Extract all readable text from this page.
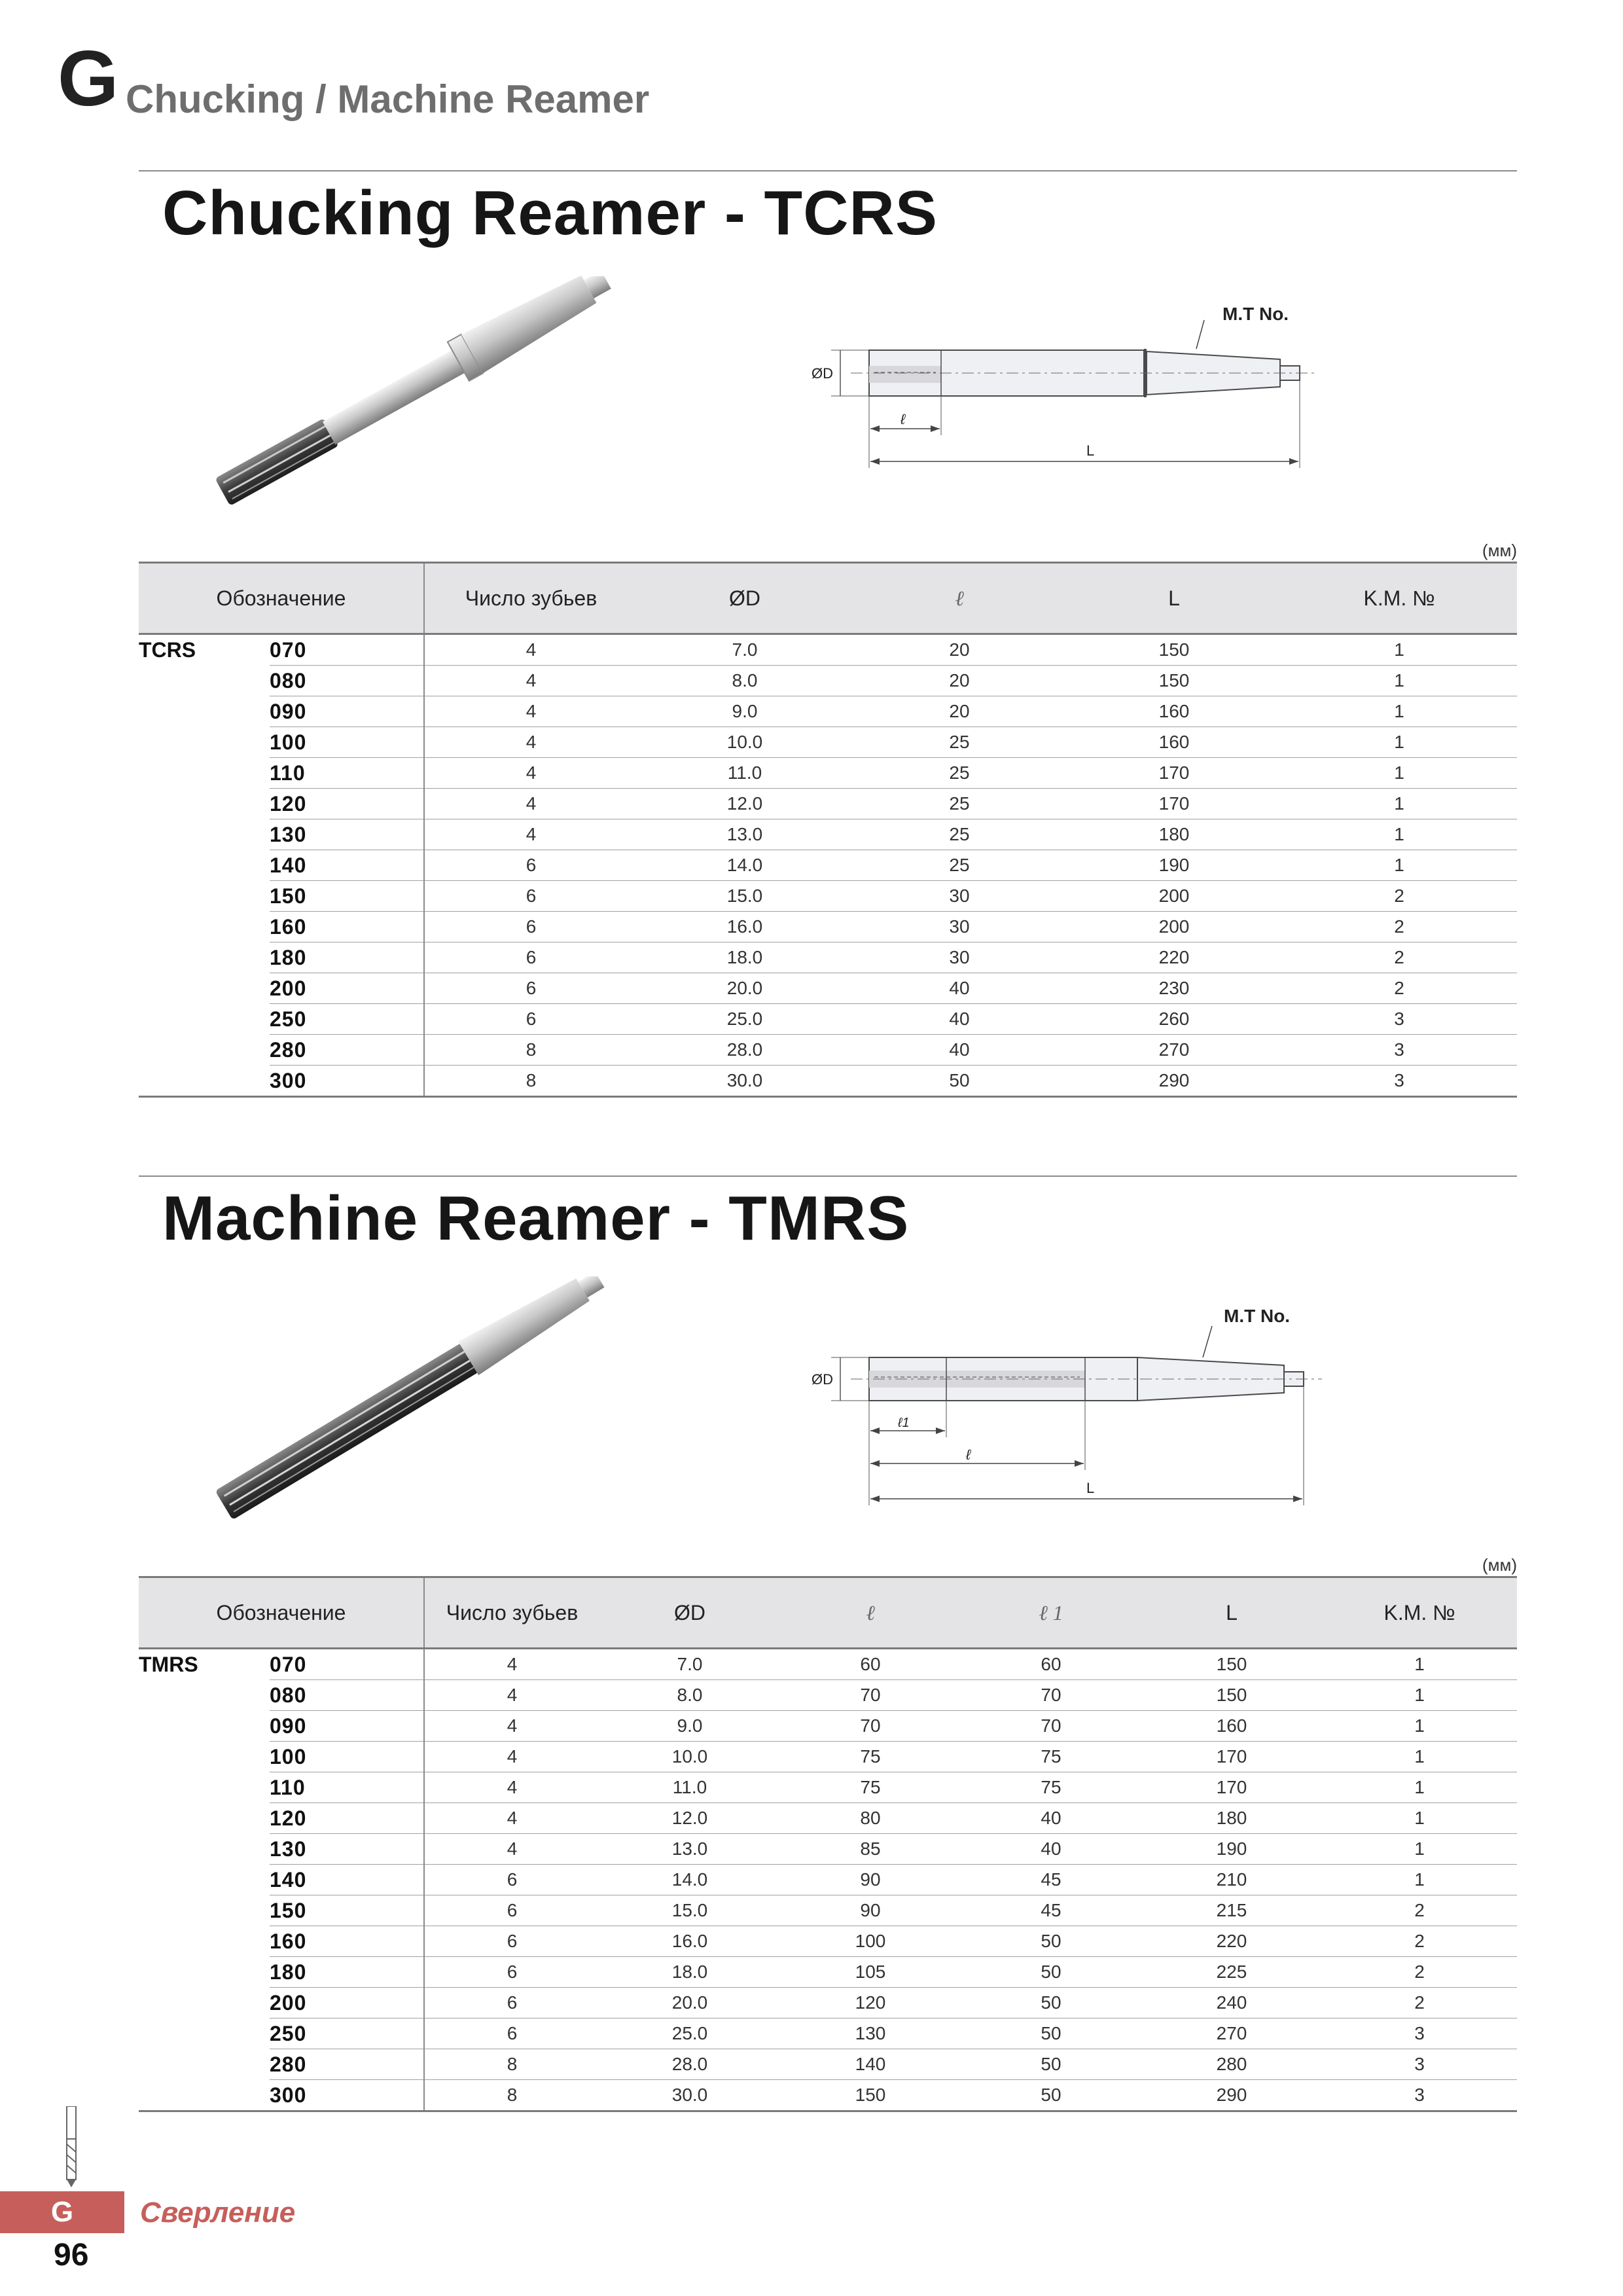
G Chucking / Machine Reamer
Chucking Reamer - TCRS
ØD
ℓ
L
M.T No.
(мм)
Обозначение		Число зубьев	ØD	ℓ	L	K.M. №
TCRS	070	4	7.0	20	150	1
	080	4	8.0	20	150	1
	090	4	9.0	20	160	1
	100	4	10.0	25	160	1
	110	4	11.0	25	170	1
	120	4	12.0	25	170	1
	130	4	13.0	25	180	1
	140	6	14.0	25	190	1
	150	6	15.0	30	200	2
	160	6	16.0	30	200	2
	180	6	18.0	30	220	2
	200	6	20.0	40	230	2
	250	6	25.0	40	260	3
	280	8	28.0	40	270	3
	300	8	30.0	50	290	3
Machine Reamer - TMRS
ØD
ℓ1
ℓ
L
M.T No.
(мм)
Обозначение		Число зубьев	ØD	ℓ	ℓ 1	L	K.M. №
TMRS	070	4	7.0	60	60	150	1
	080	4	8.0	70	70	150	1
	090	4	9.0	70	70	160	1
	100	4	10.0	75	75	170	1
	110	4	11.0	75	75	170	1
	120	4	12.0	80	40	180	1
	130	4	13.0	85	40	190	1
	140	6	14.0	90	45	210	1
	150	6	15.0	90	45	215	2
	160	6	16.0	100	50	220	2
	180	6	18.0	105	50	225	2
	200	6	20.0	120	50	240	2
	250	6	25.0	130	50	270	3
	280	8	28.0	140	50	280	3
	300	8	30.0	150	50	290	3
G	Сверление
96
